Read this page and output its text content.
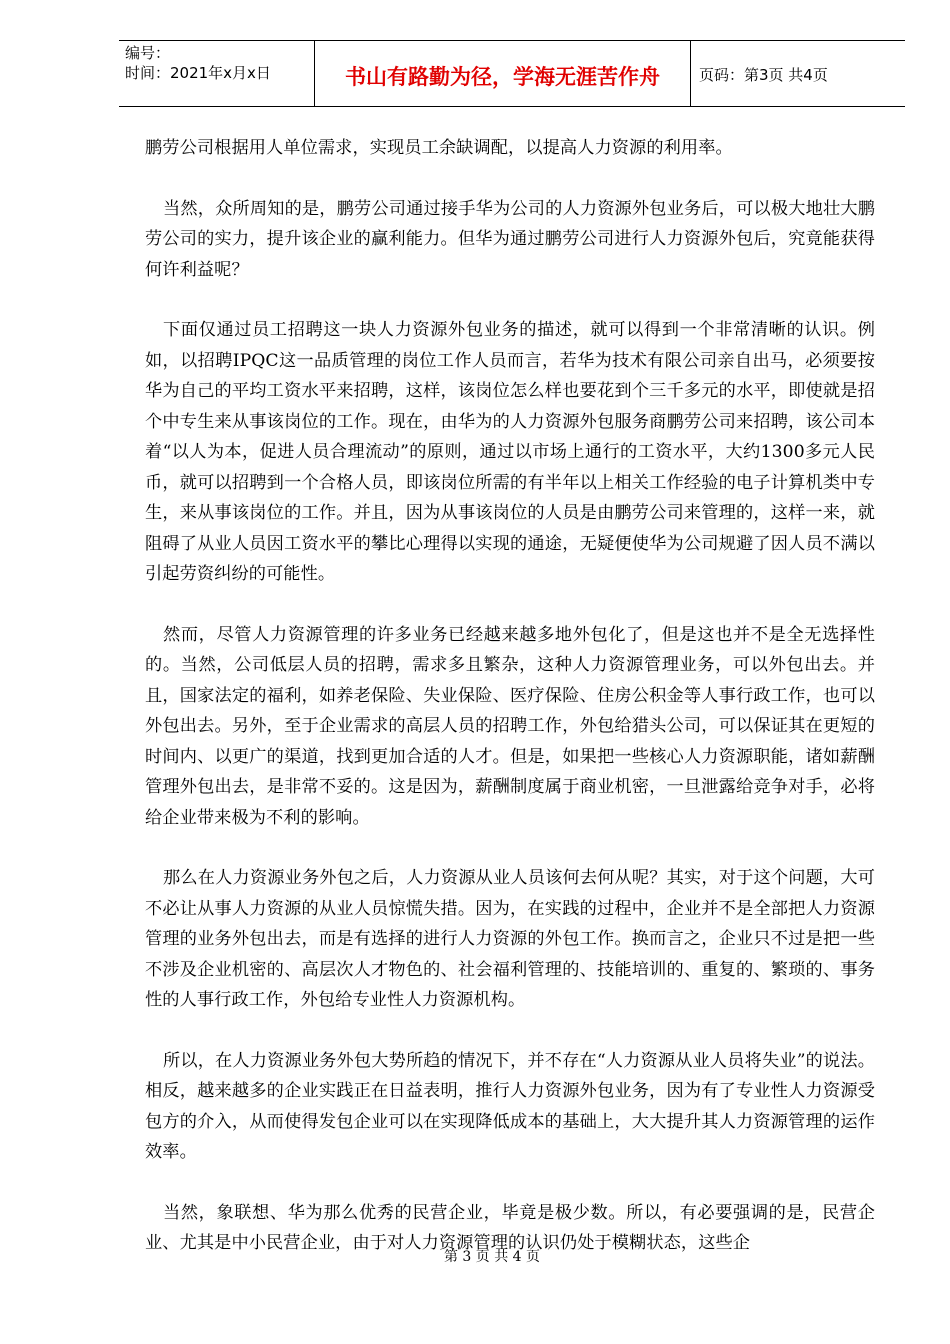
编号：
时间：2021年x月x日	书山有路勤为径，学海无涯苦作舟	页码：第3页 共4页

鹏劳公司根据用人单位需求，实现员工余缺调配，以提高人力资源的利用率。

当然，众所周知的是，鹏劳公司通过接手华为公司的人力资源外包业务后，可以极大地壮大鹏劳公司的实力，提升该企业的赢利能力。但华为通过鹏劳公司进行人力资源外包后，究竟能获得何许利益呢？

下面仅通过员工招聘这一块人力资源外包业务的描述，就可以得到一个非常清晰的认识。例如，以招聘IPQC这一品质管理的岗位工作人员而言，若华为技术有限公司亲自出马，必须要按华为自己的平均工资水平来招聘，这样，该岗位怎么样也要花到个三千多元的水平，即使就是招个中专生来从事该岗位的工作。现在，由华为的人力资源外包服务商鹏劳公司来招聘，该公司本着“以人为本，促进人员合理流动”的原则，通过以市场上通行的工资水平，大约1300多元人民币，就可以招聘到一个合格人员，即该岗位所需的有半年以上相关工作经验的电子计算机类中专生，来从事该岗位的工作。并且，因为从事该岗位的人员是由鹏劳公司来管理的，这样一来，就阻碍了从业人员因工资水平的攀比心理得以实现的通途，无疑便使华为公司规避了因人员不满以引起劳资纠纷的可能性。

然而，尽管人力资源管理的许多业务已经越来越多地外包化了，但是这也并不是全无选择性的。当然，公司低层人员的招聘，需求多且繁杂，这种人力资源管理业务，可以外包出去。并且，国家法定的福利，如养老保险、失业保险、医疗保险、住房公积金等人事行政工作，也可以外包出去。另外，至于企业需求的高层人员的招聘工作，外包给猎头公司，可以保证其在更短的时间内、以更广的渠道，找到更加合适的人才。但是，如果把一些核心人力资源职能，诸如薪酬管理外包出去，是非常不妥的。这是因为，薪酬制度属于商业机密，一旦泄露给竞争对手，必将给企业带来极为不利的影响。

那么在人力资源业务外包之后，人力资源从业人员该何去何从呢？其实，对于这个问题，大可不必让从事人力资源的从业人员惊慌失措。因为，在实践的过程中，企业并不是全部把人力资源管理的业务外包出去，而是有选择的进行人力资源的外包工作。换而言之，企业只不过是把一些不涉及企业机密的、高层次人才物色的、社会福利管理的、技能培训的、重复的、繁琐的、事务性的人事行政工作，外包给专业性人力资源机构。

所以，在人力资源业务外包大势所趋的情况下，并不存在“人力资源从业人员将失业”的说法。相反，越来越多的企业实践正在日益表明，推行人力资源外包业务，因为有了专业性人力资源受包方的介入，从而使得发包企业可以在实现降低成本的基础上，大大提升其人力资源管理的运作效率。

当然，象联想、华为那么优秀的民营企业，毕竟是极少数。所以，有必要强调的是，民营企业、尤其是中小民营企业，由于对人力资源管理的认识仍处于模糊状态，这些企

第 3 页 共 4 页
